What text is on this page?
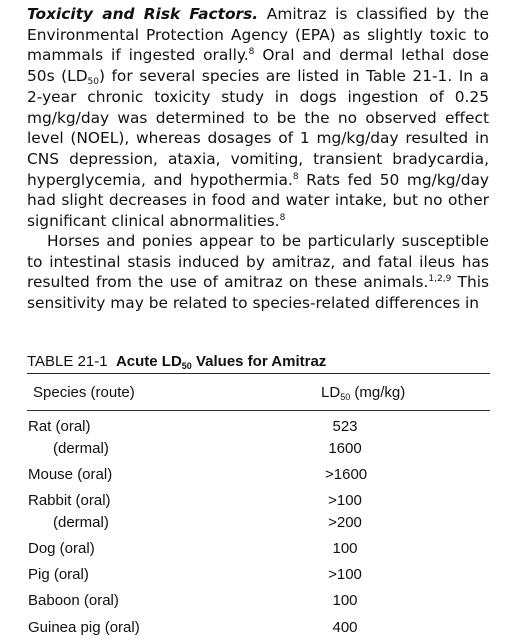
Toxicity and Risk Factors. Amitraz is classified by the Environmental Protection Agency (EPA) as slightly toxic to mammals if ingested orally.$^8$ Oral and dermal lethal dose 50s $(LD_{50})$ for several species are listed in Table 21-1. In a 2-year chronic toxicity study in dogs ingestion of 0.25 mg/kg/day was determined to be the no observed effect level (NOEL), whereas dosages of 1 mg/kg/day resulted in CNS depression, ataxia, vomiting, transient bradycardia, hyperglycemia, and hypothermia.$^8$ Rats fed 50 mg/kg/day had slight decreases in food and water intake, but no other significant clinical abnormalities.$^8$
Horses and ponies appear to be particularly susceptible to intestinal stasis induced by amitraz, and fatal ileus has resulted from the use of amitraz on these animals.$^{1,2,9}$ This sensitivity may be related to species-related differences in
TABLE 21-1 Acute $LD_{50}$ Values for Amitraz
Species (route)	$LD_{50}$ (mg/kg)
Rat (oral)	523
(dermal)	1600
Mouse (oral)	>1600
Rabbit (oral)	>100
(dermal)	>200
Dog (oral)	100
Pig (oral)	>100
Baboon (oral)	100
Guinea pig (oral)	400
